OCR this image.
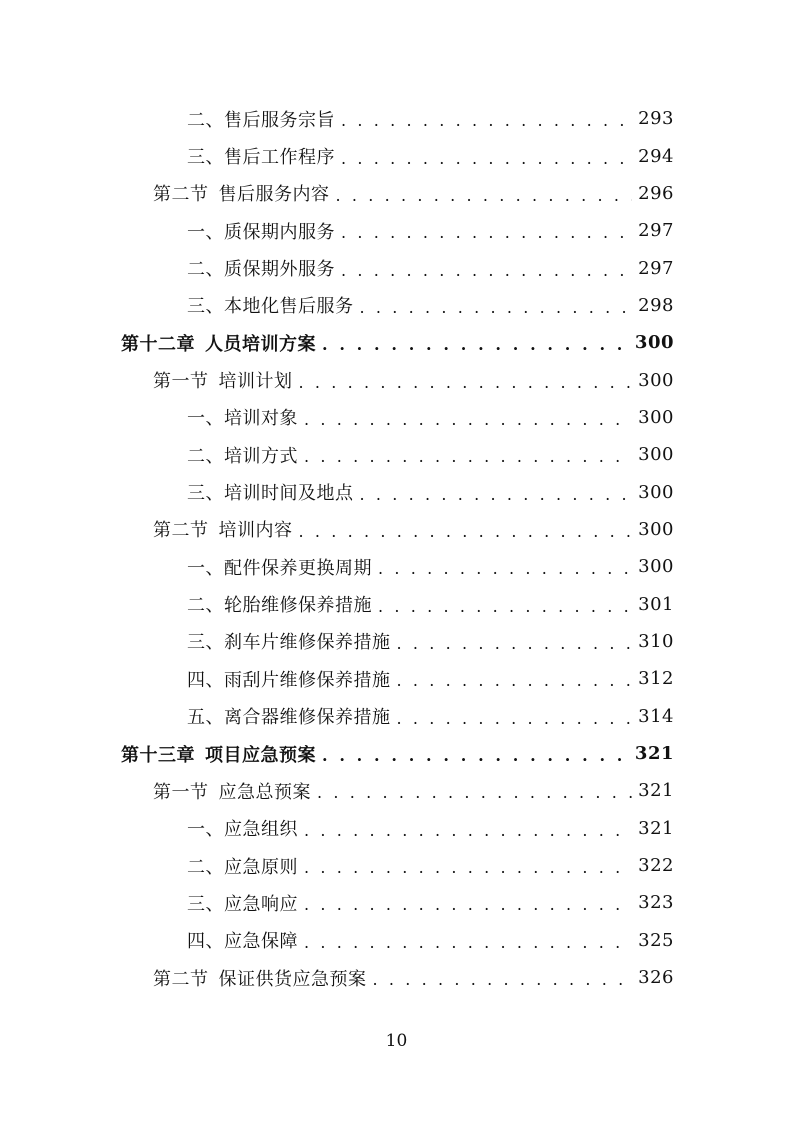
二、售后服务宗旨 . . .	293
三、售后工作程序 . . .	294
第二节 售后服务内容 . . .	296
一、质保期内服务 . . .	297
二、质保期外服务 . . .	297
三、本地化售后服务 . . .	298
第十二章 人员培训方案 . . .	300
第一节 培训计划 . . .	300
一、培训对象 . . .	300
二、培训方式 . . .	300
三、培训时间及地点 . . .	300
第二节 培训内容 . . .	300
一、配件保养更换周期 . . .	300
二、轮胎维修保养措施 . . .	301
三、刹车片维修保养措施 . . .	310
四、雨刮片维修保养措施 . . .	312
五、离合器维修保养措施 . . .	314
第十三章 项目应急预案 . . .	321
第一节 应急总预案 . . .	321
一、应急组织 . . .	321
二、应急原则 . . .	322
三、应急响应 . . .	323
四、应急保障 . . .	325
第二节 保证供货应急预案 . . .	326
10
